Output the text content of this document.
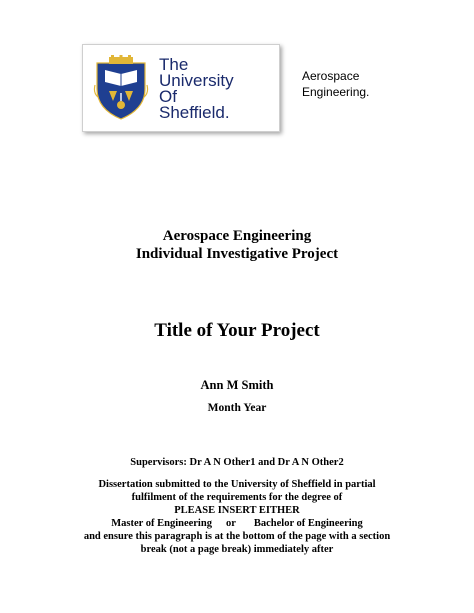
The
University
Of
Sheffield.
Aerospace
Engineering.
Aerospace Engineering
Individual Investigative Project
Title of Your Project
Ann M Smith
Month Year
Supervisors: Dr A N Other1 and Dr A N Other2
Dissertation submitted to the University of Sheffield in partial
fulfilment of the requirements for the degree of
PLEASE INSERT EITHER
Master of Engineering or Bachelor of Engineering
and ensure this paragraph is at the bottom of the page with a section
break (not a page break) immediately after
